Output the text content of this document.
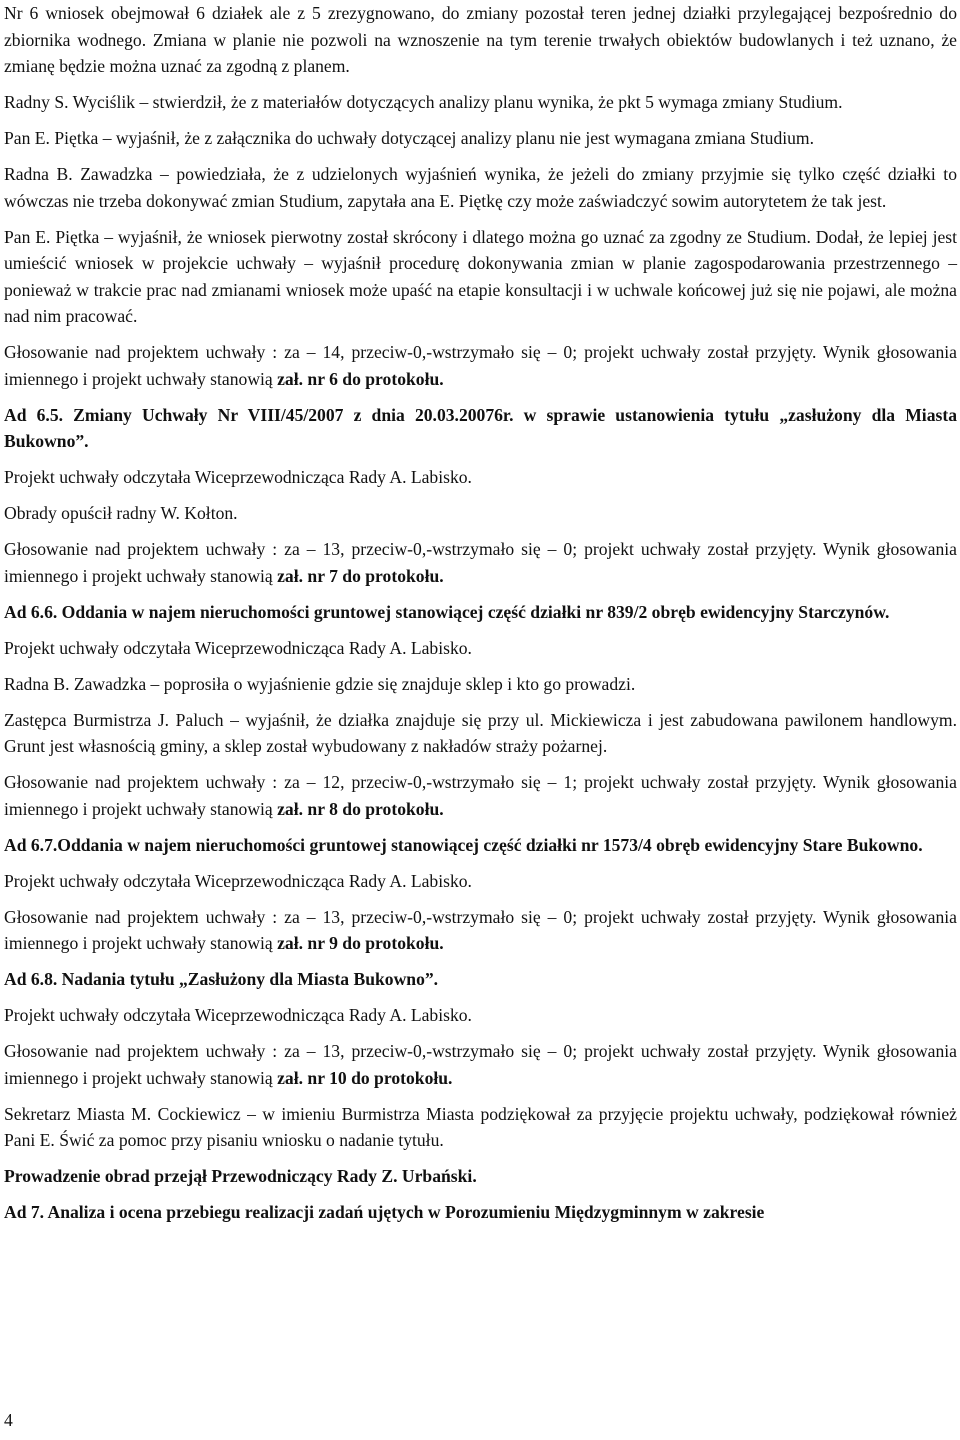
Nr 6 wniosek obejmował 6 działek ale z 5 zrezygnowano, do zmiany pozostał teren jednej działki przylegającej bezpośrednio do zbiornika wodnego. Zmiana w planie nie pozwoli na wznoszenie na tym terenie trwałych obiektów budowlanych i też uznano, że zmianę będzie można uznać za zgodną z planem.

Radny S. Wyciślik – stwierdził, że z materiałów dotyczących analizy planu wynika, że pkt 5 wymaga zmiany Studium.

Pan E. Piętka – wyjaśnił, że z załącznika do uchwały dotyczącej analizy planu nie jest wymagana zmiana Studium.

Radna B. Zawadzka – powiedziała, że z udzielonych wyjaśnień wynika, że jeżeli do zmiany przyjmie się tylko część działki to wówczas nie trzeba dokonywać zmian Studium, zapytała ana E. Piętkę czy może zaświadczyć sowim autorytetem że tak jest.

Pan E. Piętka – wyjaśnił, że wniosek pierwotny został skrócony i dlatego można go uznać za zgodny ze Studium. Dodał, że lepiej jest umieścić wniosek w projekcie uchwały – wyjaśnił procedurę dokonywania zmian w planie zagospodarowania przestrzennego – ponieważ w trakcie prac nad zmianami wniosek może upaść na etapie konsultacji i w uchwale końcowej już się nie pojawi, ale można nad nim pracować.

Głosowanie nad projektem uchwały : za – 14, przeciw-0,-wstrzymało się – 0; projekt uchwały został przyjęty. Wynik głosowania imiennego i projekt uchwały stanowią zał. nr 6 do protokołu.

Ad 6.5. Zmiany Uchwały Nr VIII/45/2007 z dnia 20.03.20076r. w sprawie ustanowienia tytułu „zasłużony dla Miasta Bukowno”.

Projekt uchwały odczytała Wiceprzewodnicząca Rady A. Labisko.

Obrady opuścił radny W. Kołton.

Głosowanie nad projektem uchwały : za – 13, przeciw-0,-wstrzymało się – 0; projekt uchwały został przyjęty. Wynik głosowania imiennego i projekt uchwały stanowią zał. nr 7 do protokołu.

Ad 6.6. Oddania w najem nieruchomości gruntowej stanowiącej część działki nr 839/2 obręb ewidencyjny Starczynów.

Projekt uchwały odczytała Wiceprzewodnicząca Rady A. Labisko.

Radna B. Zawadzka – poprosiła o wyjaśnienie gdzie się znajduje sklep i kto go prowadzi.

Zastępca Burmistrza J. Paluch – wyjaśnił, że działka znajduje się przy ul. Mickiewicza i jest zabudowana pawilonem handlowym. Grunt jest własnością gminy, a sklep został wybudowany z nakładów straży pożarnej.

Głosowanie nad projektem uchwały : za – 12, przeciw-0,-wstrzymało się – 1; projekt uchwały został przyjęty. Wynik głosowania imiennego i projekt uchwały stanowią zał. nr 8 do protokołu.

Ad 6.7.Oddania w najem nieruchomości gruntowej stanowiącej część działki nr 1573/4 obręb ewidencyjny Stare Bukowno.

Projekt uchwały odczytała Wiceprzewodnicząca Rady A. Labisko.

Głosowanie nad projektem uchwały : za – 13, przeciw-0,-wstrzymało się – 0; projekt uchwały został przyjęty. Wynik głosowania imiennego i projekt uchwały stanowią zał. nr 9 do protokołu.

Ad 6.8. Nadania tytułu „Zasłużony dla Miasta Bukowno”.

Projekt uchwały odczytała Wiceprzewodnicząca Rady A. Labisko.

Głosowanie nad projektem uchwały : za – 13, przeciw-0,-wstrzymało się – 0; projekt uchwały został przyjęty. Wynik głosowania imiennego i projekt uchwały stanowią zał. nr 10 do protokołu.

Sekretarz Miasta M. Cockiewicz – w imieniu Burmistrza Miasta podziękował za przyjęcie projektu uchwały, podziękował również Pani E. Świć za pomoc przy pisaniu wniosku o nadanie tytułu.

Prowadzenie obrad przejął Przewodniczący Rady Z. Urbański.

Ad 7. Analiza i ocena przebiegu realizacji zadań ujętych w Porozumieniu Międzygminnym w zakresie

4
